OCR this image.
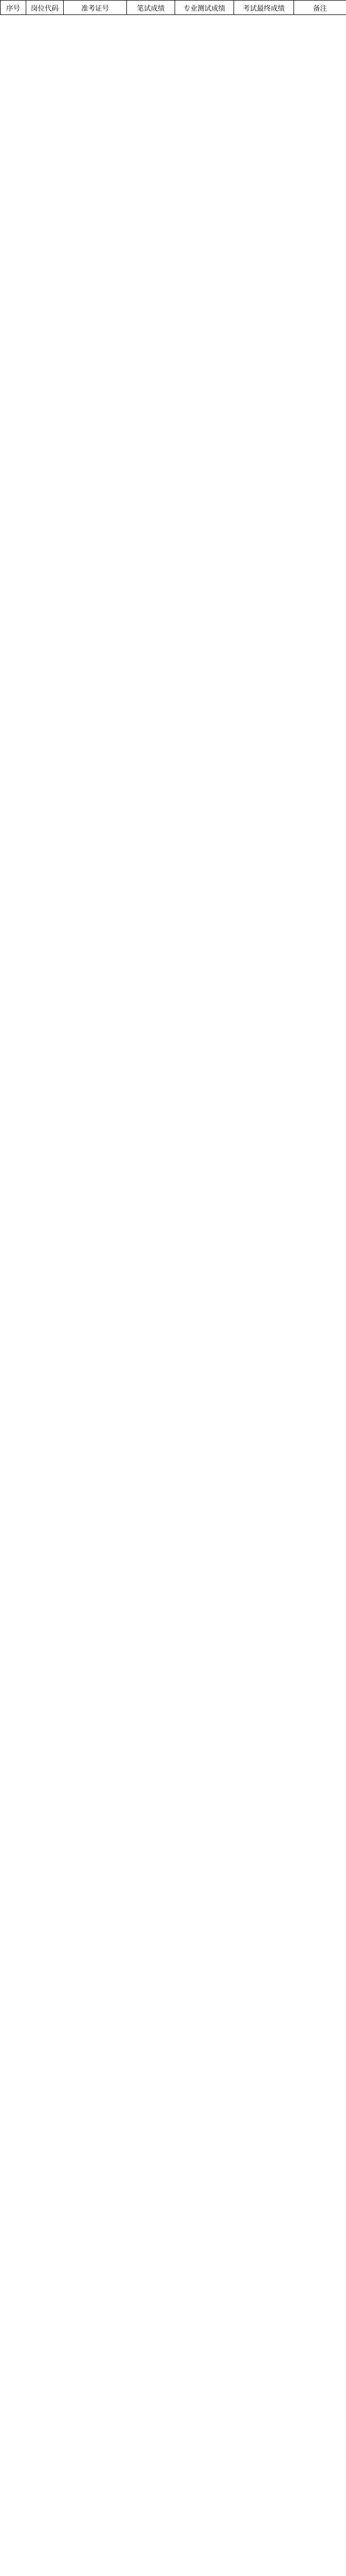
序号	岗位代码	准考证号	笔试成绩	专业测试成绩	考试最终成绩	备注
